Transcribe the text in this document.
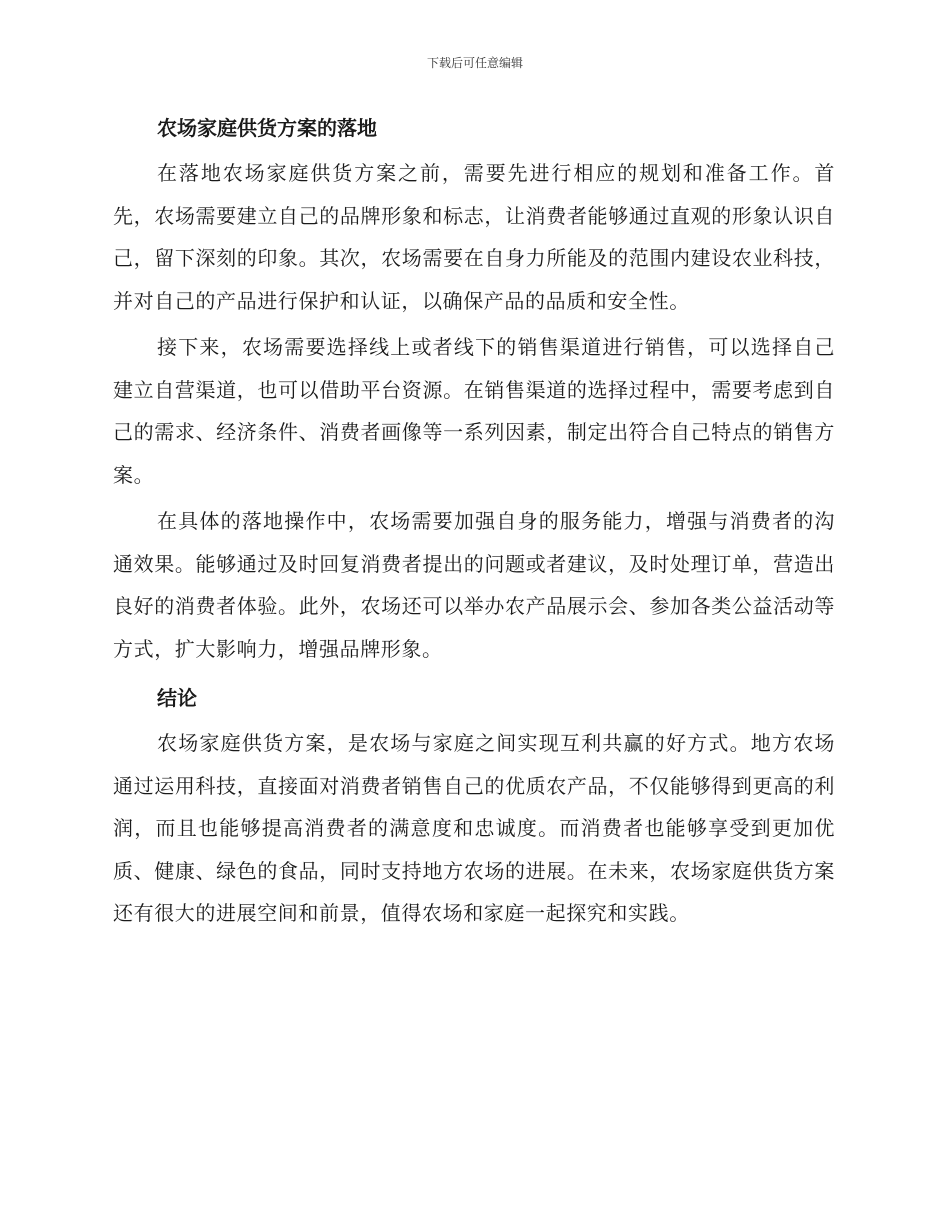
下载后可任意编辑
农场家庭供货方案的落地

在落地农场家庭供货方案之前，需要先进行相应的规划和准备工作。首先，农场需要建立自己的品牌形象和标志，让消费者能够通过直观的形象认识自己，留下深刻的印象。其次，农场需要在自身力所能及的范围内建设农业科技，并对自己的产品进行保护和认证，以确保产品的品质和安全性。

接下来，农场需要选择线上或者线下的销售渠道进行销售，可以选择自己建立自营渠道，也可以借助平台资源。在销售渠道的选择过程中，需要考虑到自己的需求、经济条件、消费者画像等一系列因素，制定出符合自己特点的销售方案。

在具体的落地操作中，农场需要加强自身的服务能力，增强与消费者的沟通效果。能够通过及时回复消费者提出的问题或者建议，及时处理订单，营造出良好的消费者体验。此外，农场还可以举办农产品展示会、参加各类公益活动等方式，扩大影响力，增强品牌形象。

结论

农场家庭供货方案，是农场与家庭之间实现互利共赢的好方式。地方农场通过运用科技，直接面对消费者销售自己的优质农产品，不仅能够得到更高的利润，而且也能够提高消费者的满意度和忠诚度。而消费者也能够享受到更加优质、健康、绿色的食品，同时支持地方农场的进展。在未来，农场家庭供货方案还有很大的进展空间和前景，值得农场和家庭一起探究和实践。
